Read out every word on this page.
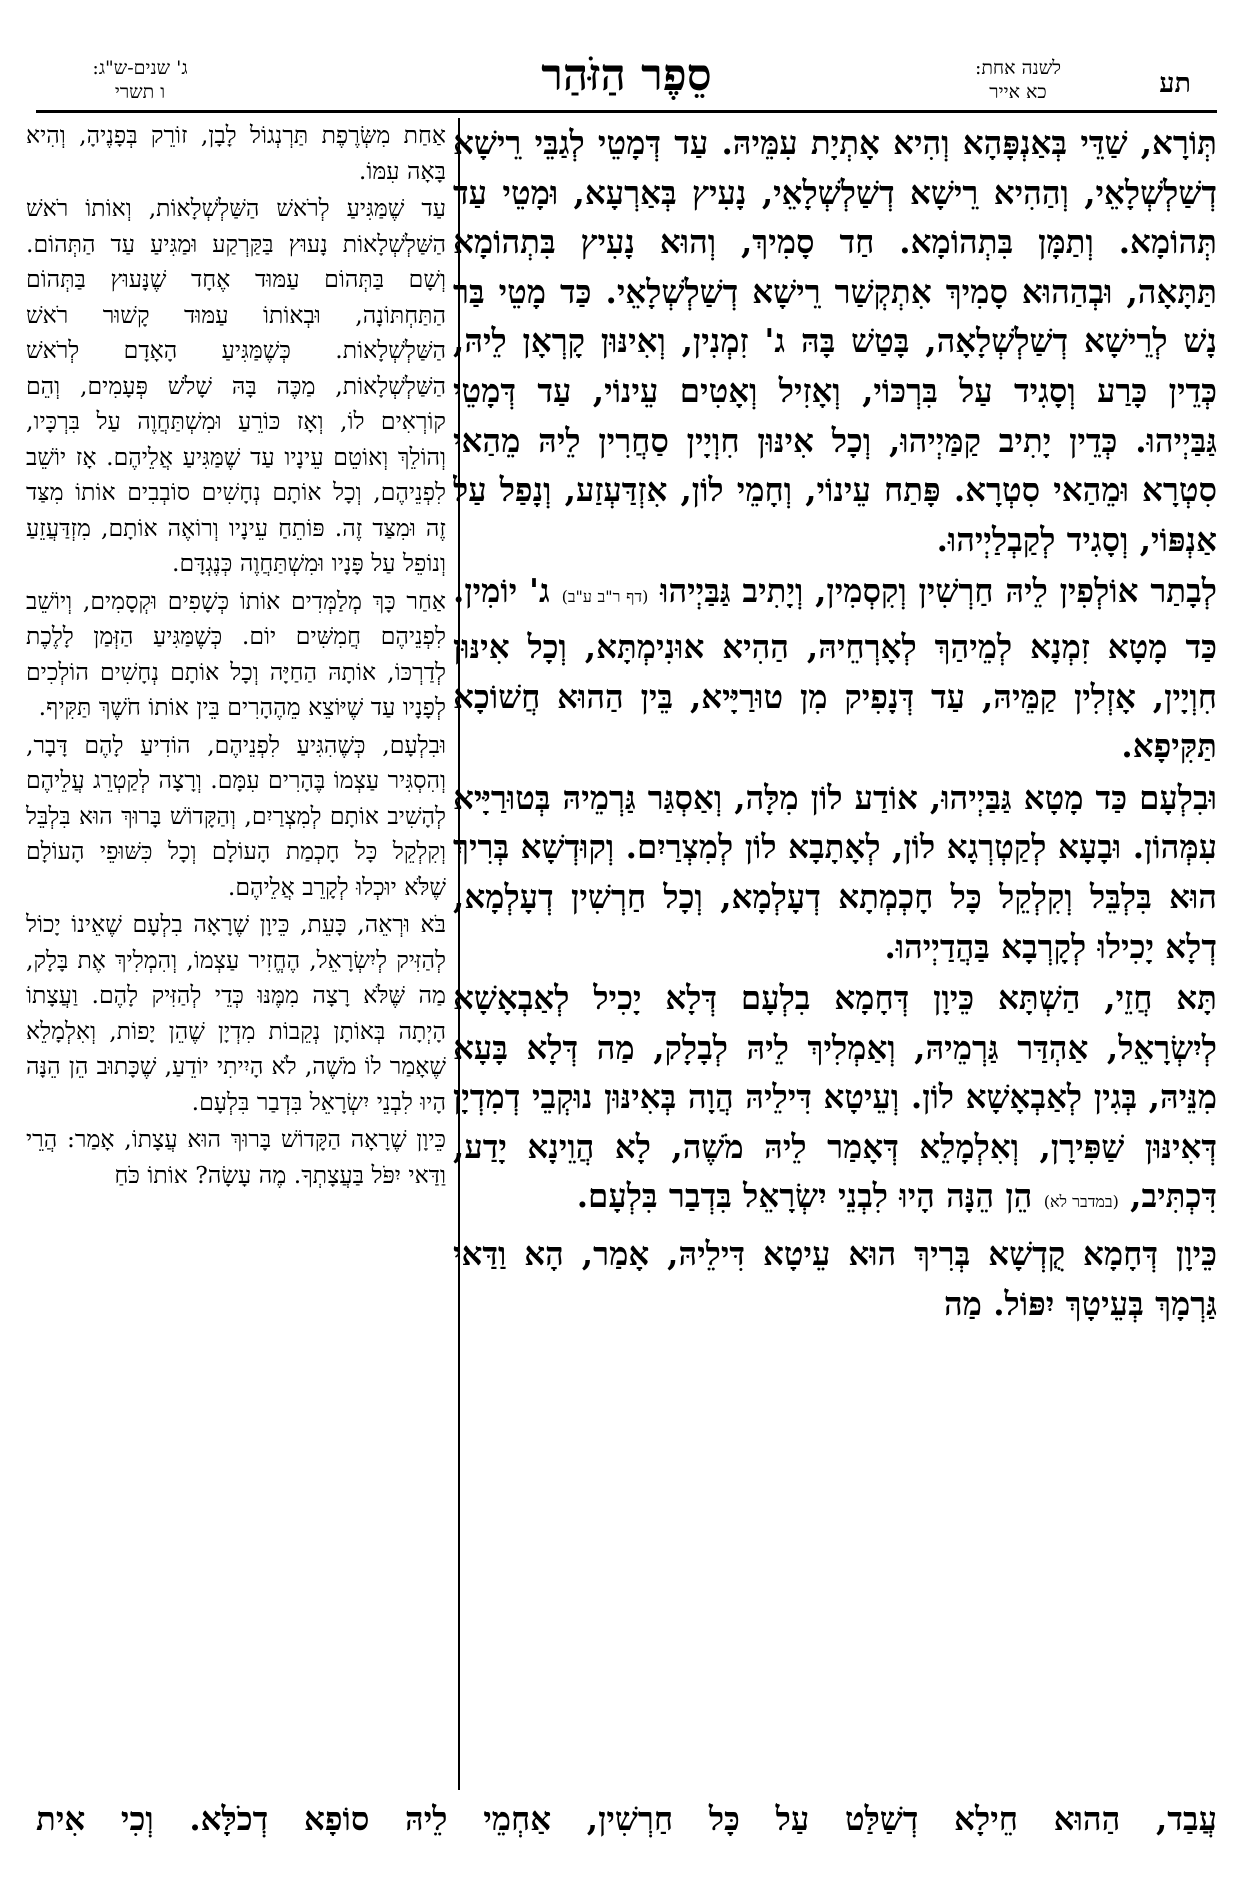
תע
לשנה אחת:
כא אייר
סֵפֶר הַזֹּהַר
ג' שנים-ש"ג:
ו תשרי

תְּוֹרָא, שַׁדֵּי בְּאַנְפָּהָא וְהִיא אָתְיָת עִמֵּיהּ. עַד דְּמָטֵי לְגַבֵּי רֵישָׁא דְשַׁלְשְׁלָאֵי, וְהַהִיא רֵישָׁא דְשַׁלְשְׁלָאֵי, נָעִיץ בְּאַרְעָא, וּמָטֵי עַד תְּהוֹמָא. וְתַמָּן בִּתְהוֹמָא. חַד סָמִיךְ, וְהוּא נָעִיץ בִּתְהוֹמָא תַּתָּאָה, וּבְהַהוּא סָמִיךְ אִתְקְשַׁר רֵישָׁא דְשַׁלְשְׁלָאֵי. כַּד מָטֵי בַּר נָשׁ לְרֵישָׁא דְשַׁלְשְׁלָאָה, בָּטַשׁ בָּהּ ג' זִמְנִין, וְאִינּוּן קָרְאָן לֵיהּ, כְּדֵין כָּרַע וְסָגִיד עַל בִּרְכּוֹי, וְאָזִיל וְאָטִים עֵינוֹי, עַד דְּמָטֵי גַּבַּיְיהוּ. כְּדֵין יָתִיב קַמַּיְיהוּ, וְכָל אִינּוּן חִוְיָין סַחֲרִין לֵיהּ מֵהַאי סִטְרָא וּמֵהַאי סִטְרָא. פָּתַח עֵינוֹי, וְחָמֵי לוֹן, אִזְדַּעְזַע, וְנָפַל עַל אַנְפּוֹי, וְסָגִיד לְקַבְלַיְיהוּ.

לְבָתַר אוֹלְפִין לֵיהּ חַרְשִׁין וְקִסְמִין, וְיָתִיב גַּבַּיְיהוּ (דף ר"ב ע"ב) ג' יוֹמִין. כַּד מָטָא זִמְנָא לְמֵיהַךְ לְאָרְחֵיהּ, הַהִיא אוּנִימְתָּא, וְכָל אִינּוּן חִוְיָין, אָזְלִין קַמֵּיהּ, עַד דְּנָפִיק מִן טוּרַיָּיא, בֵּין הַהוּא חֲשׁוֹכָא תַּקִּיפָא.

וּבִלְעָם כַּד מָטָא גַּבַּיְיהוּ, אוֹדַע לוֹן מִלָּה, וְאַסְגַּר גַּרְמֵיהּ בְּטוּרַיָּיא עִמְּהוֹן. וּבָעָא לְקַטְרְגָא לוֹן, לְאָתָבָא לוֹן לְמִצְרַיִם. וְקוּדְשָׁא בְּרִיךְ הוּא בִּלְבֵּל וְקִלְקֵל כָּל חָכְמְתָא דְעָלְמָא, וְכָל חַרְשִׁין דְעָלְמָא, דְלָא יָכִילוּ לְקָרְבָא בַּהֲדַיְיהוּ.

תָּא חֲזֵי, הַשְׁתָּא כֵּיוָן דְּחָמָא בִלְעָם דְּלָא יָכִיל לְאַבְאָשָׁא לְיִשְׂרָאֵל, אַהְדַּר גַּרְמֵיהּ, וְאַמְלִיךְ לֵיהּ לְבָלָק, מַה דְּלָא בָּעָא מִנֵּיהּ, בְּגִין לְאַבְאָשָׁא לוֹן. וְעֵיטָא דִּילֵיהּ הֲוָה בְּאִינּוּן נוּקְבֵי דְמִדְיָן דְּאִינּוּן שַׁפִּירָן, וְאִלְמָלֵא דְּאָמַר לֵיהּ מֹשֶׁה, לָא הֲוֵינָא יָדַע, דִּכְתִּיב, (במדבר לא) הֵן הֵנָּה הָיוּ לִבְנֵי יִשְׂרָאֵל בִּדְבַר בִּלְעָם.

כֵּיוָן דְּחָמָא קֻדְשָׁא בְּרִיךְ הוּא עֵיטָא דִּילֵיהּ, אָמַר, הָא וַדַּאי גַּרְמָךְ בְּעֵיטָךְ יִפּוֹל. מַה

אַחַת מִשְּׂרֶפֶת תַּרְנְגוֹל לָבָן, זוֹרֵק בְּפָנֶיהָ, וְהִיא בָּאָה עִמּוֹ.

עַד שֶׁמַּגִּיעַ לְרֹאשׁ הַשַּׁלְשְׁלָאוֹת, וְאוֹתוֹ רֹאשׁ הַשַּׁלְשְׁלָאוֹת נָעוּץ בַּקַּרְקַע וּמַגִּיעַ עַד הַתְּהוֹם. וְשָׁם בַּתְּהוֹם עַמּוּד אֶחָד שֶׁנָּעוּץ בַּתְּהוֹם הַתַּחְתּוֹנָה, וּבְאוֹתוֹ עַמּוּד קָשׁוּר רֹאשׁ הַשַּׁלְשְׁלָאוֹת. כְּשֶׁמַּגִּיעַ הָאָדָם לְרֹאשׁ הַשַּׁלְשְׁלָאוֹת, מַכֶּה בָּהּ שָׁלֹשׁ פְּעָמִים, וְהֵם קוֹרְאִים לוֹ, וְאָז כּוֹרֵעַ וּמִשְׁתַּחֲוֶה עַל בִּרְכָּיו, וְהוֹלֵךְ וְאוֹטֵם עֵינָיו עַד שֶׁמַּגִּיעַ אֲלֵיהֶם. אָז יוֹשֵׁב לִפְנֵיהֶם, וְכָל אוֹתָם נְחָשִׁים סוֹבְבִים אוֹתוֹ מִצַּד זֶה וּמִצַּד זֶה. פּוֹתֵחַ עֵינָיו וְרוֹאֶה אוֹתָם, מִזְדַּעֲזֵעַ וְנוֹפֵל עַל פָּנָיו וּמִשְׁתַּחֲוֶה כְּנֶגְדָּם.

אַחַר כָּךְ מְלַמְּדִים אוֹתוֹ כְּשָׁפִים וּקְסָמִים, וְיוֹשֵׁב לִפְנֵיהֶם חֲמִשִּׁים יוֹם. כְּשֶׁמַּגִּיעַ הַזְּמַן לָלֶכֶת לְדַרְכּוֹ, אוֹתָהּ הַחַיָּה וְכָל אוֹתָם נְחָשִׁים הוֹלְכִים לְפָנָיו עַד שֶׁיּוֹצֵא מֵהֶהָרִים בֵּין אוֹתוֹ חֹשֶׁךְ תַּקִּיף.

וּבִלְעָם, כְּשֶׁהִגִּיעַ לִפְנֵיהֶם, הוֹדִיעַ לָהֶם דָּבָר, וְהִסְגִּיר עַצְמוֹ בֶּהָרִים עִמָּם. וְרָצָה לְקַטְרֵג עֲלֵיהֶם לְהָשִׁיב אוֹתָם לְמִצְרַיִם, וְהַקָּדוֹשׁ בָּרוּךְ הוּא בִּלְבֵּל וְקִלְקֵל כָּל חָכְמַת הָעוֹלָם וְכָל כִּשּׁוּפֵי הָעוֹלָם שֶׁלֹּא יוּכְלוּ לְקָרֵב אֲלֵיהֶם.

בֹּא וּרְאֵה, כָּעֵת, כֵּיוָן שֶׁרָאָה בִלְעָם שֶׁאֵינוֹ יָכוֹל לְהַזִּיק לְיִשְׂרָאֵל, הֶחֱזִיר עַצְמוֹ, וְהִמְלִיךְ אֶת בָּלָק, מַה שֶּׁלֹּא רָצָה מִמֶּנּוּ כְּדֵי לְהַזִּיק לָהֶם. וַעֲצָתוֹ הָיְתָה בְּאוֹתָן נְקֵבוֹת מִדְיָן שֶׁהֵן יָפוֹת, וְאִלְמָלֵא שֶׁאָמַר לוֹ מֹשֶׁה, לֹא הָיִיתִי יוֹדֵעַ, שֶׁכָּתוּב הֵן הֵנָּה הָיוּ לִבְנֵי יִשְׂרָאֵל בִּדְבַר בִּלְעָם.

כֵּיוָן שֶׁרָאָה הַקָּדוֹשׁ בָּרוּךְ הוּא עֲצָתוֹ, אָמַר: הֲרֵי וַדַּאי יִפֹּל בַּעֲצָתְךָ. מֶה עָשָׂה? אוֹתוֹ כֹּחַ

עֲבַד, הַהוּא חֵילָא דְשַׁלַּט עַל כָּל חַרְשִׁין, אַחְמֵי לֵיהּ סוֹפָא דְכֹלָּא. וְכִי אִית
